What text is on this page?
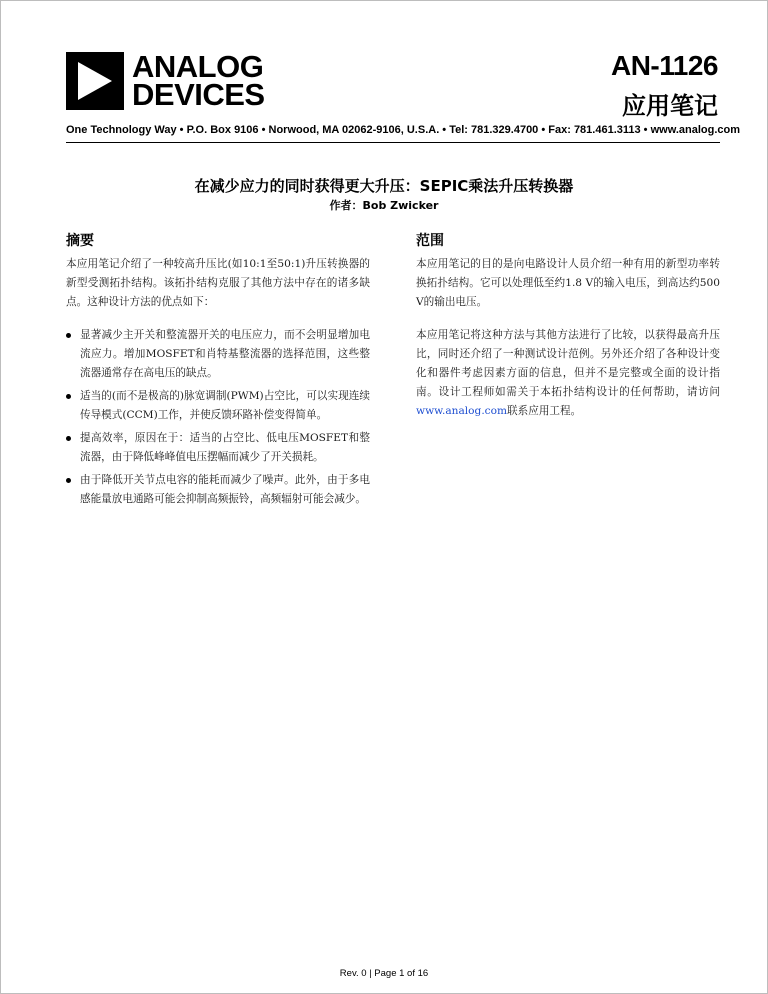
ANALOG
DEVICES
AN-1126
应用笔记
One Technology Way • P.O. Box 9106 • Norwood, MA 02062-9106, U.S.A. • Tel: 781.329.4700 • Fax: 781.461.3113 • www.analog.com
在减少应力的同时获得更大升压：SEPIC乘法升压转换器
作者：Bob Zwicker
摘要

本应用笔记介绍了一种较高升压比(如10:1至50:1)升压转换器的新型受测拓扑结构。该拓扑结构克服了其他方法中存在的诸多缺点。这种设计方法的优点如下：

显著减少主开关和整流器开关的电压应力，而不会明显增加电流应力。增加MOSFET和肖特基整流器的选择范围，这些整流器通常存在高电压的缺点。
适当的(而不是极高的)脉宽调制(PWM)占空比，可以实现连续传导模式(CCM)工作，并使反馈环路补偿变得简单。
提高效率，原因在于：适当的占空比、低电压MOSFET和整流器，由于降低峰峰值电压摆幅而减少了开关损耗。
由于降低开关节点电容的能耗而减少了噪声。此外，由于多电感能量放电通路可能会抑制高频振铃，高频辐射可能会减少。
范围

本应用笔记的目的是向电路设计人员介绍一种有用的新型功率转换拓扑结构。它可以处理低至约1.8 V的输入电压，到高达约500 V的输出电压。

本应用笔记将这种方法与其他方法进行了比较，以获得最高升压比，同时还介绍了一种测试设计范例。另外还介绍了各种设计变化和器件考虑因素方面的信息，但并不是完整或全面的设计指南。设计工程师如需关于本拓扑结构设计的任何帮助，请访问www.analog.com联系应用工程。

Rev. 0 | Page 1 of 16
